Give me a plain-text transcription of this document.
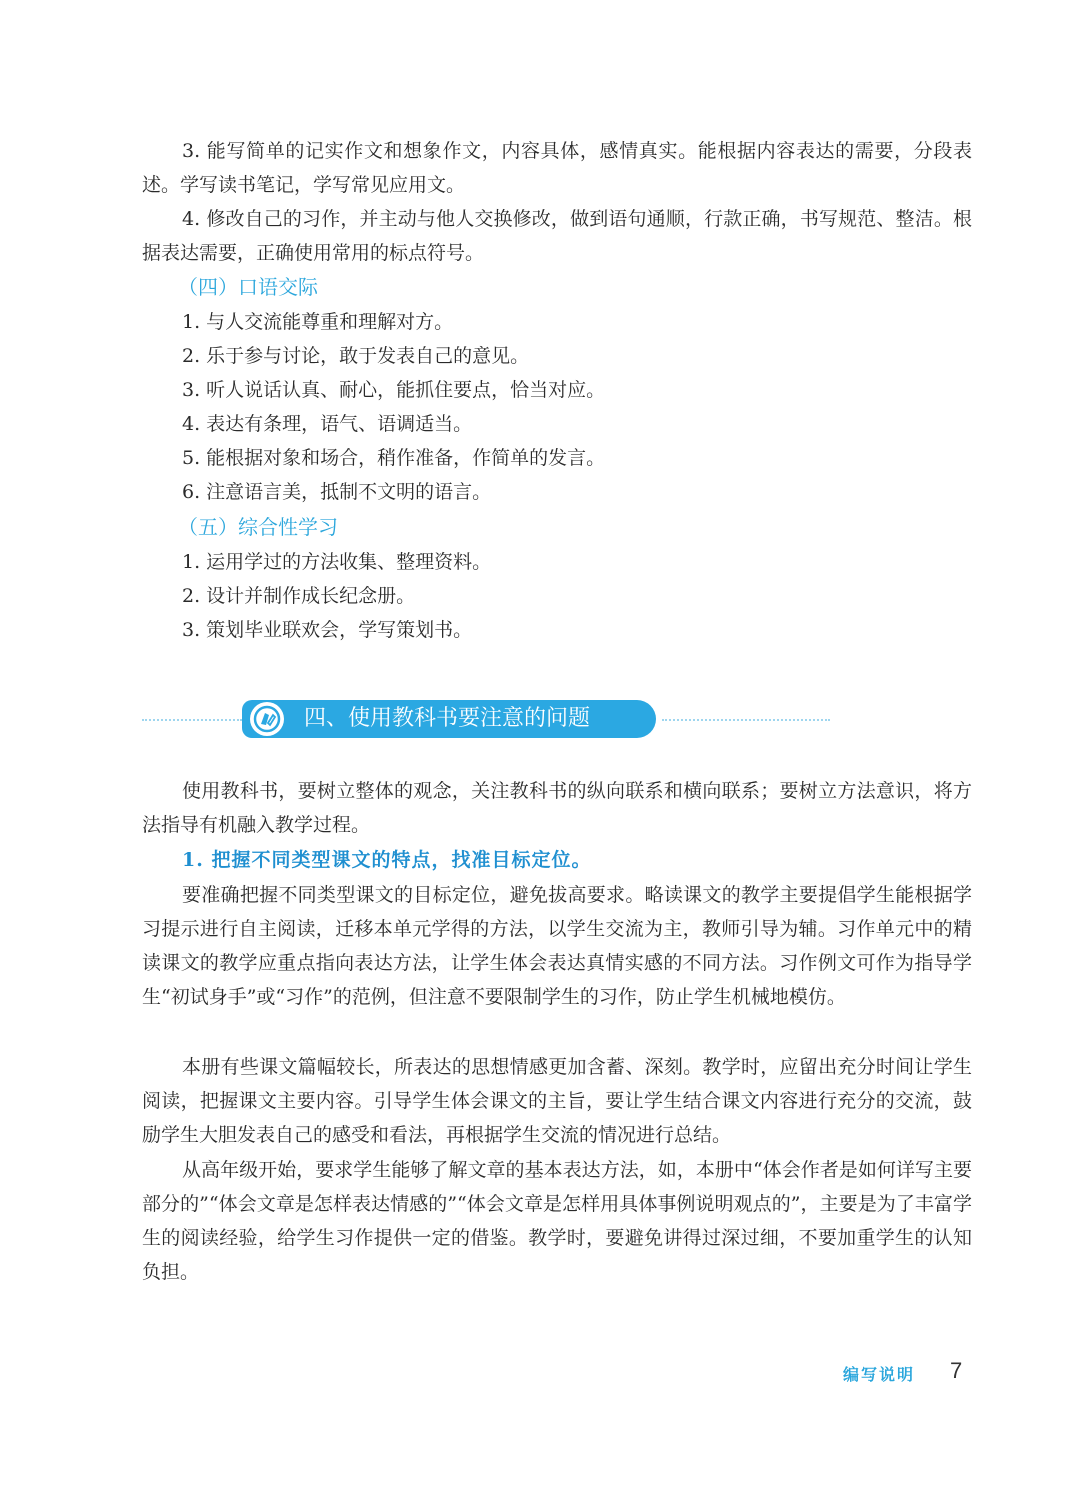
3. 能写简单的记实作文和想象作文，内容具体，感情真实。能根据内容表达的需要，分段表述。学写读书笔记，学写常见应用文。

4. 修改自己的习作，并主动与他人交换修改，做到语句通顺，行款正确，书写规范、整洁。根据表达需要，正确使用常用的标点符号。

（四）口语交际

1. 与人交流能尊重和理解对方。

2. 乐于参与讨论，敢于发表自己的意见。

3. 听人说话认真、耐心，能抓住要点，恰当对应。

4. 表达有条理，语气、语调适当。

5. 能根据对象和场合，稍作准备，作简单的发言。

6. 注意语言美，抵制不文明的语言。

（五）综合性学习

1. 运用学过的方法收集、整理资料。

2. 设计并制作成长纪念册。

3. 策划毕业联欢会，学写策划书。

四、使用教科书要注意的问题

使用教科书，要树立整体的观念，关注教科书的纵向联系和横向联系；要树立方法意识，将方法指导有机融入教学过程。

1. 把握不同类型课文的特点，找准目标定位。

要准确把握不同类型课文的目标定位，避免拔高要求。略读课文的教学主要提倡学生能根据学习提示进行自主阅读，迁移本单元学得的方法，以学生交流为主，教师引导为辅。习作单元中的精读课文的教学应重点指向表达方法，让学生体会表达真情实感的不同方法。习作例文可作为指导学生“初试身手”或“习作”的范例，但注意不要限制学生的习作，防止学生机械地模仿。

本册有些课文篇幅较长，所表达的思想情感更加含蓄、深刻。教学时，应留出充分时间让学生阅读，把握课文主要内容。引导学生体会课文的主旨，要让学生结合课文内容进行充分的交流，鼓励学生大胆发表自己的感受和看法，再根据学生交流的情况进行总结。

从高年级开始，要求学生能够了解文章的基本表达方法，如，本册中“体会作者是如何详写主要部分的”“体会文章是怎样表达情感的”“体会文章是怎样用具体事例说明观点的”，主要是为了丰富学生的阅读经验，给学生习作提供一定的借鉴。教学时，要避免讲得过深过细，不要加重学生的认知负担。

编写说明 7
